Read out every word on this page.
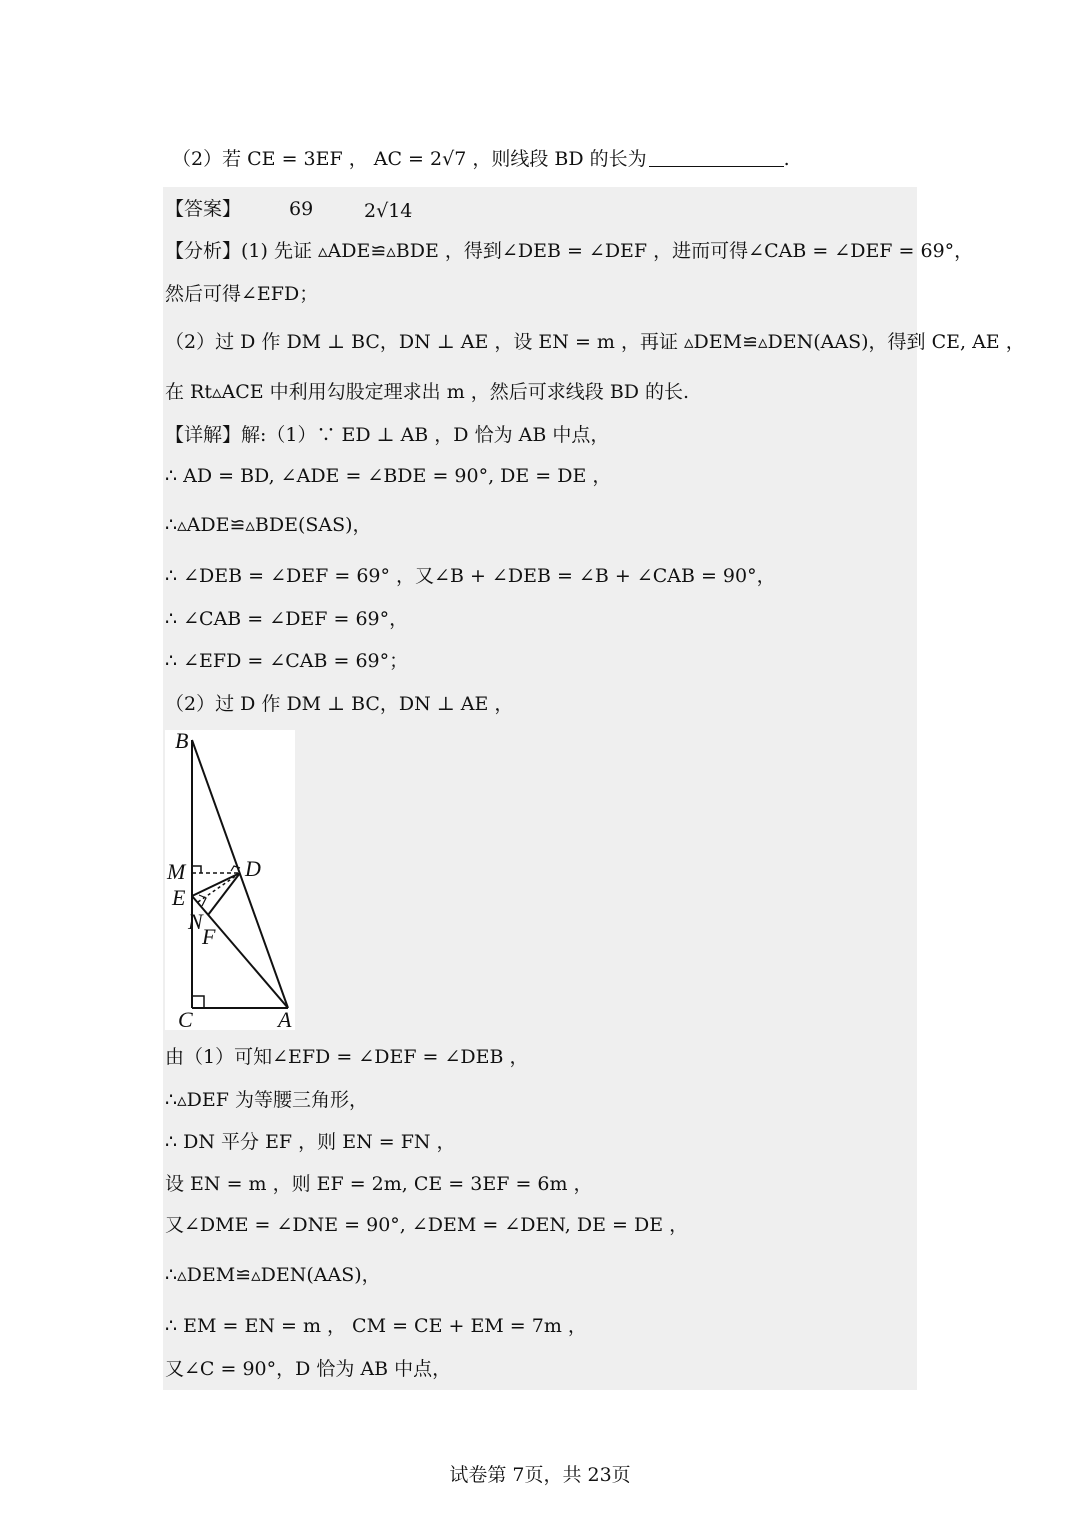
（2）若 CE = 3EF ， AC = 2√7 ，则线段 BD 的长为	.
【答案】	69	2√14
【分析】(1) 先证 ▵ADE≌▵BDE ，得到∠DEB = ∠DEF ，进而可得∠CAB = ∠DEF = 69°，
然后可得∠EFD；
（2）过 D 作 DM ⊥ BC，DN ⊥ AE ，设 EN = m ，再证 ▵DEM≌▵DEN(AAS)，得到 CE, AE ，
在 Rt▵ACE 中利用勾股定理求出 m ，然后可求线段 BD 的长.
【详解】解:（1）∵ ED ⊥ AB ，D 恰为 AB 中点，
∴ AD = BD, ∠ADE = ∠BDE = 90°, DE = DE ，
∴▵ADE≌▵BDE(SAS)，
∴ ∠DEB = ∠DEF = 69° ，又∠B + ∠DEB = ∠B + ∠CAB = 90°，
∴ ∠CAB = ∠DEF = 69°，
∴ ∠EFD = ∠CAB = 69°；
（2）过 D 作 DM ⊥ BC，DN ⊥ AE ，
B
M	D
E
N
F
C	A
由（1）可知∠EFD = ∠DEF = ∠DEB ，
∴▵DEF 为等腰三角形，
∴ DN 平分 EF ，则 EN = FN ，
设 EN = m ，则 EF = 2m, CE = 3EF = 6m ，
又∠DME = ∠DNE = 90°, ∠DEM = ∠DEN, DE = DE ，
∴▵DEM≌▵DEN(AAS)，
∴ EM = EN = m ， CM = CE + EM = 7m ，
又∠C = 90°，D 恰为 AB 中点，
试卷第 7页，共 23页
